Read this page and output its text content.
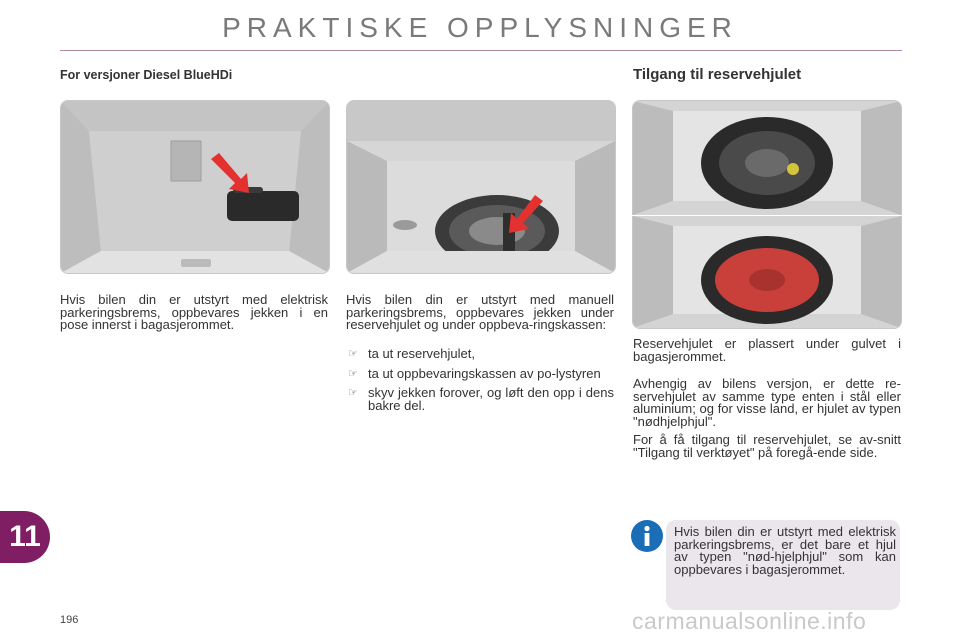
PRAKTISKE OPPLYSNINGER
For versjoner Diesel BlueHDi	Tilgang til reservehjulet
Hvis bilen din er utstyrt med elektrisk parkeringsbrems, oppbevares jekken i en pose innerst i bagasjerommet.
Hvis bilen din er utstyrt med manuell parkeringsbrems, oppbevares jekken under reservehjulet og under oppbeva-ringskassen:
☞ ta ut reservehjulet,
☞ ta ut oppbevaringskassen av po-lystyren
☞ skyv jekken forover, og løft den opp i dens bakre del.
Reservehjulet er plassert under gulvet i bagasjerommet.
Avhengig av bilens versjon, er dette re-servehjulet av samme type enten i stål eller aluminium; og for visse land, er hjulet av typen "nødhjelphjul".
For å få tilgang til reservehjulet, se av-snitt "Tilgang til verktøyet" på foregå-ende side.
11	Hvis bilen din er utstyrt med elektrisk parkeringsbrems, er det bare et hjul av typen "nød-hjelphjul" som kan oppbevares i bagasjerommet.
196	carmanualsonline.info
